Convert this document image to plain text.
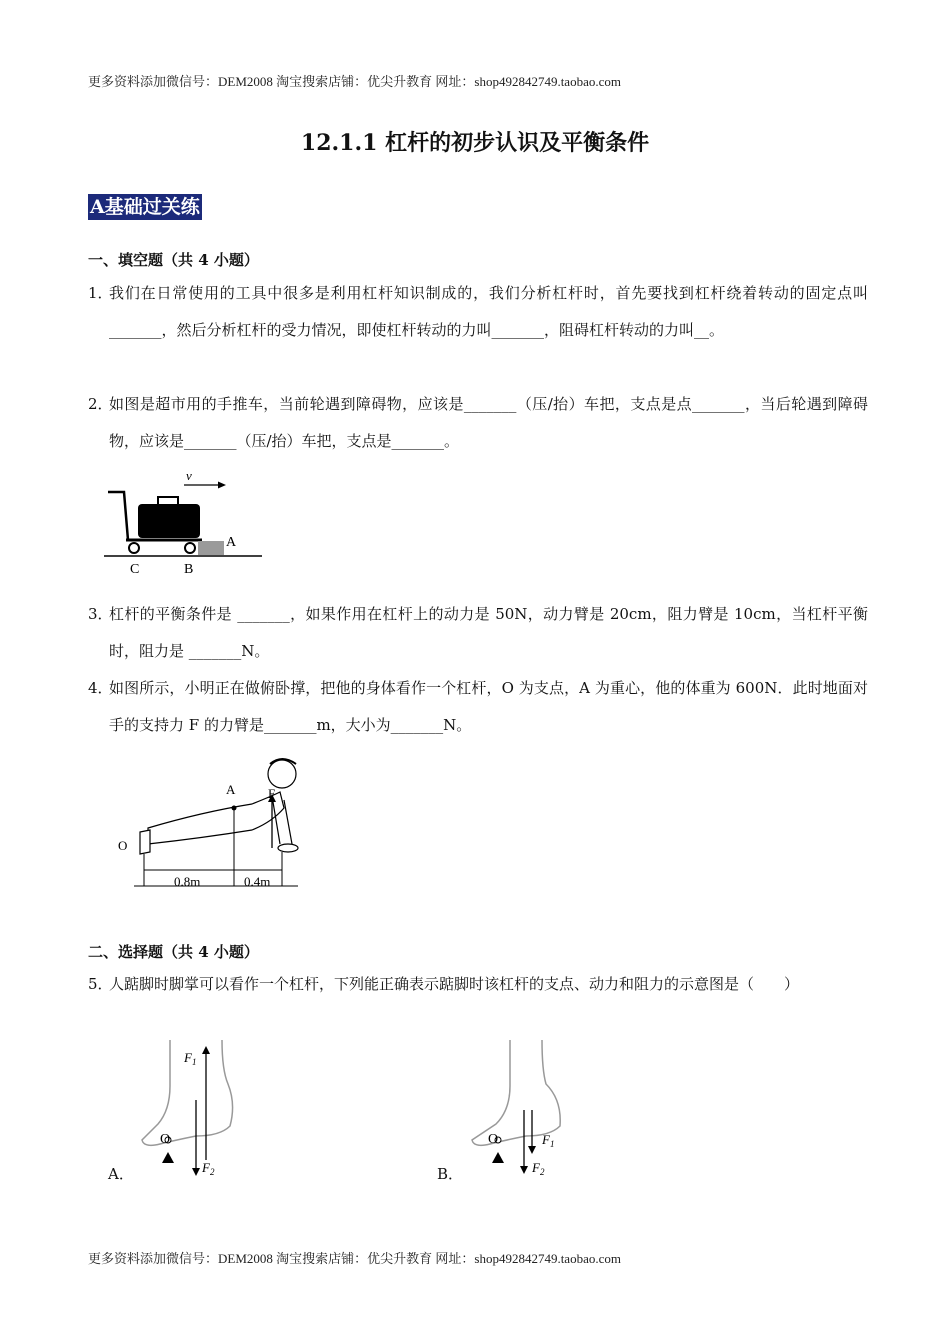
更多资料添加微信号：DEM2008 淘宝搜索店铺：优尖升教育 网址：shop492842749.taobao.com
12.1.1 杠杆的初步认识及平衡条件
A基础过关练
一、填空题（共 4 小题）
1．
我们在日常使用的工具中很多是利用杠杆知识制成的，我们分析杠杆时，首先要找到杠杆绕着转动的固定点叫_______，然后分析杠杆的受力情况，即使杠杆转动的力叫_______，阻碍杠杆转动的力叫__。
2．
如图是超市用的手推车，当前轮遇到障碍物，应该是_______（压/抬）车把，支点是点_______，当后轮遇到障碍物，应该是_______（压/抬）车把，支点是_______。
v
A
C	B
3．
杠杆的平衡条件是 _______，如果作用在杠杆上的动力是 50N，动力臂是 20cm，阻力臂是 10cm，当杠杆平衡时，阻力是 _______N。
4．
如图所示，小明正在做俯卧撑，把他的身体看作一个杠杆，O 为支点，A 为重心，他的体重为 600N．此时地面对手的支持力 F 的力臂是_______m，大小为_______N。
A
O
F
0.8m	0.4m
二、选择题（共 4 小题）
5．
人踮脚时脚掌可以看作一个杠杆，下列能正确表示踮脚时该杠杆的支点、动力和阻力的示意图是（　　）
A．
O
$F_1$
$F_2$	B．
O	$F_1$
$F_2$
更多资料添加微信号：DEM2008 淘宝搜索店铺：优尖升教育 网址：shop492842749.taobao.com
